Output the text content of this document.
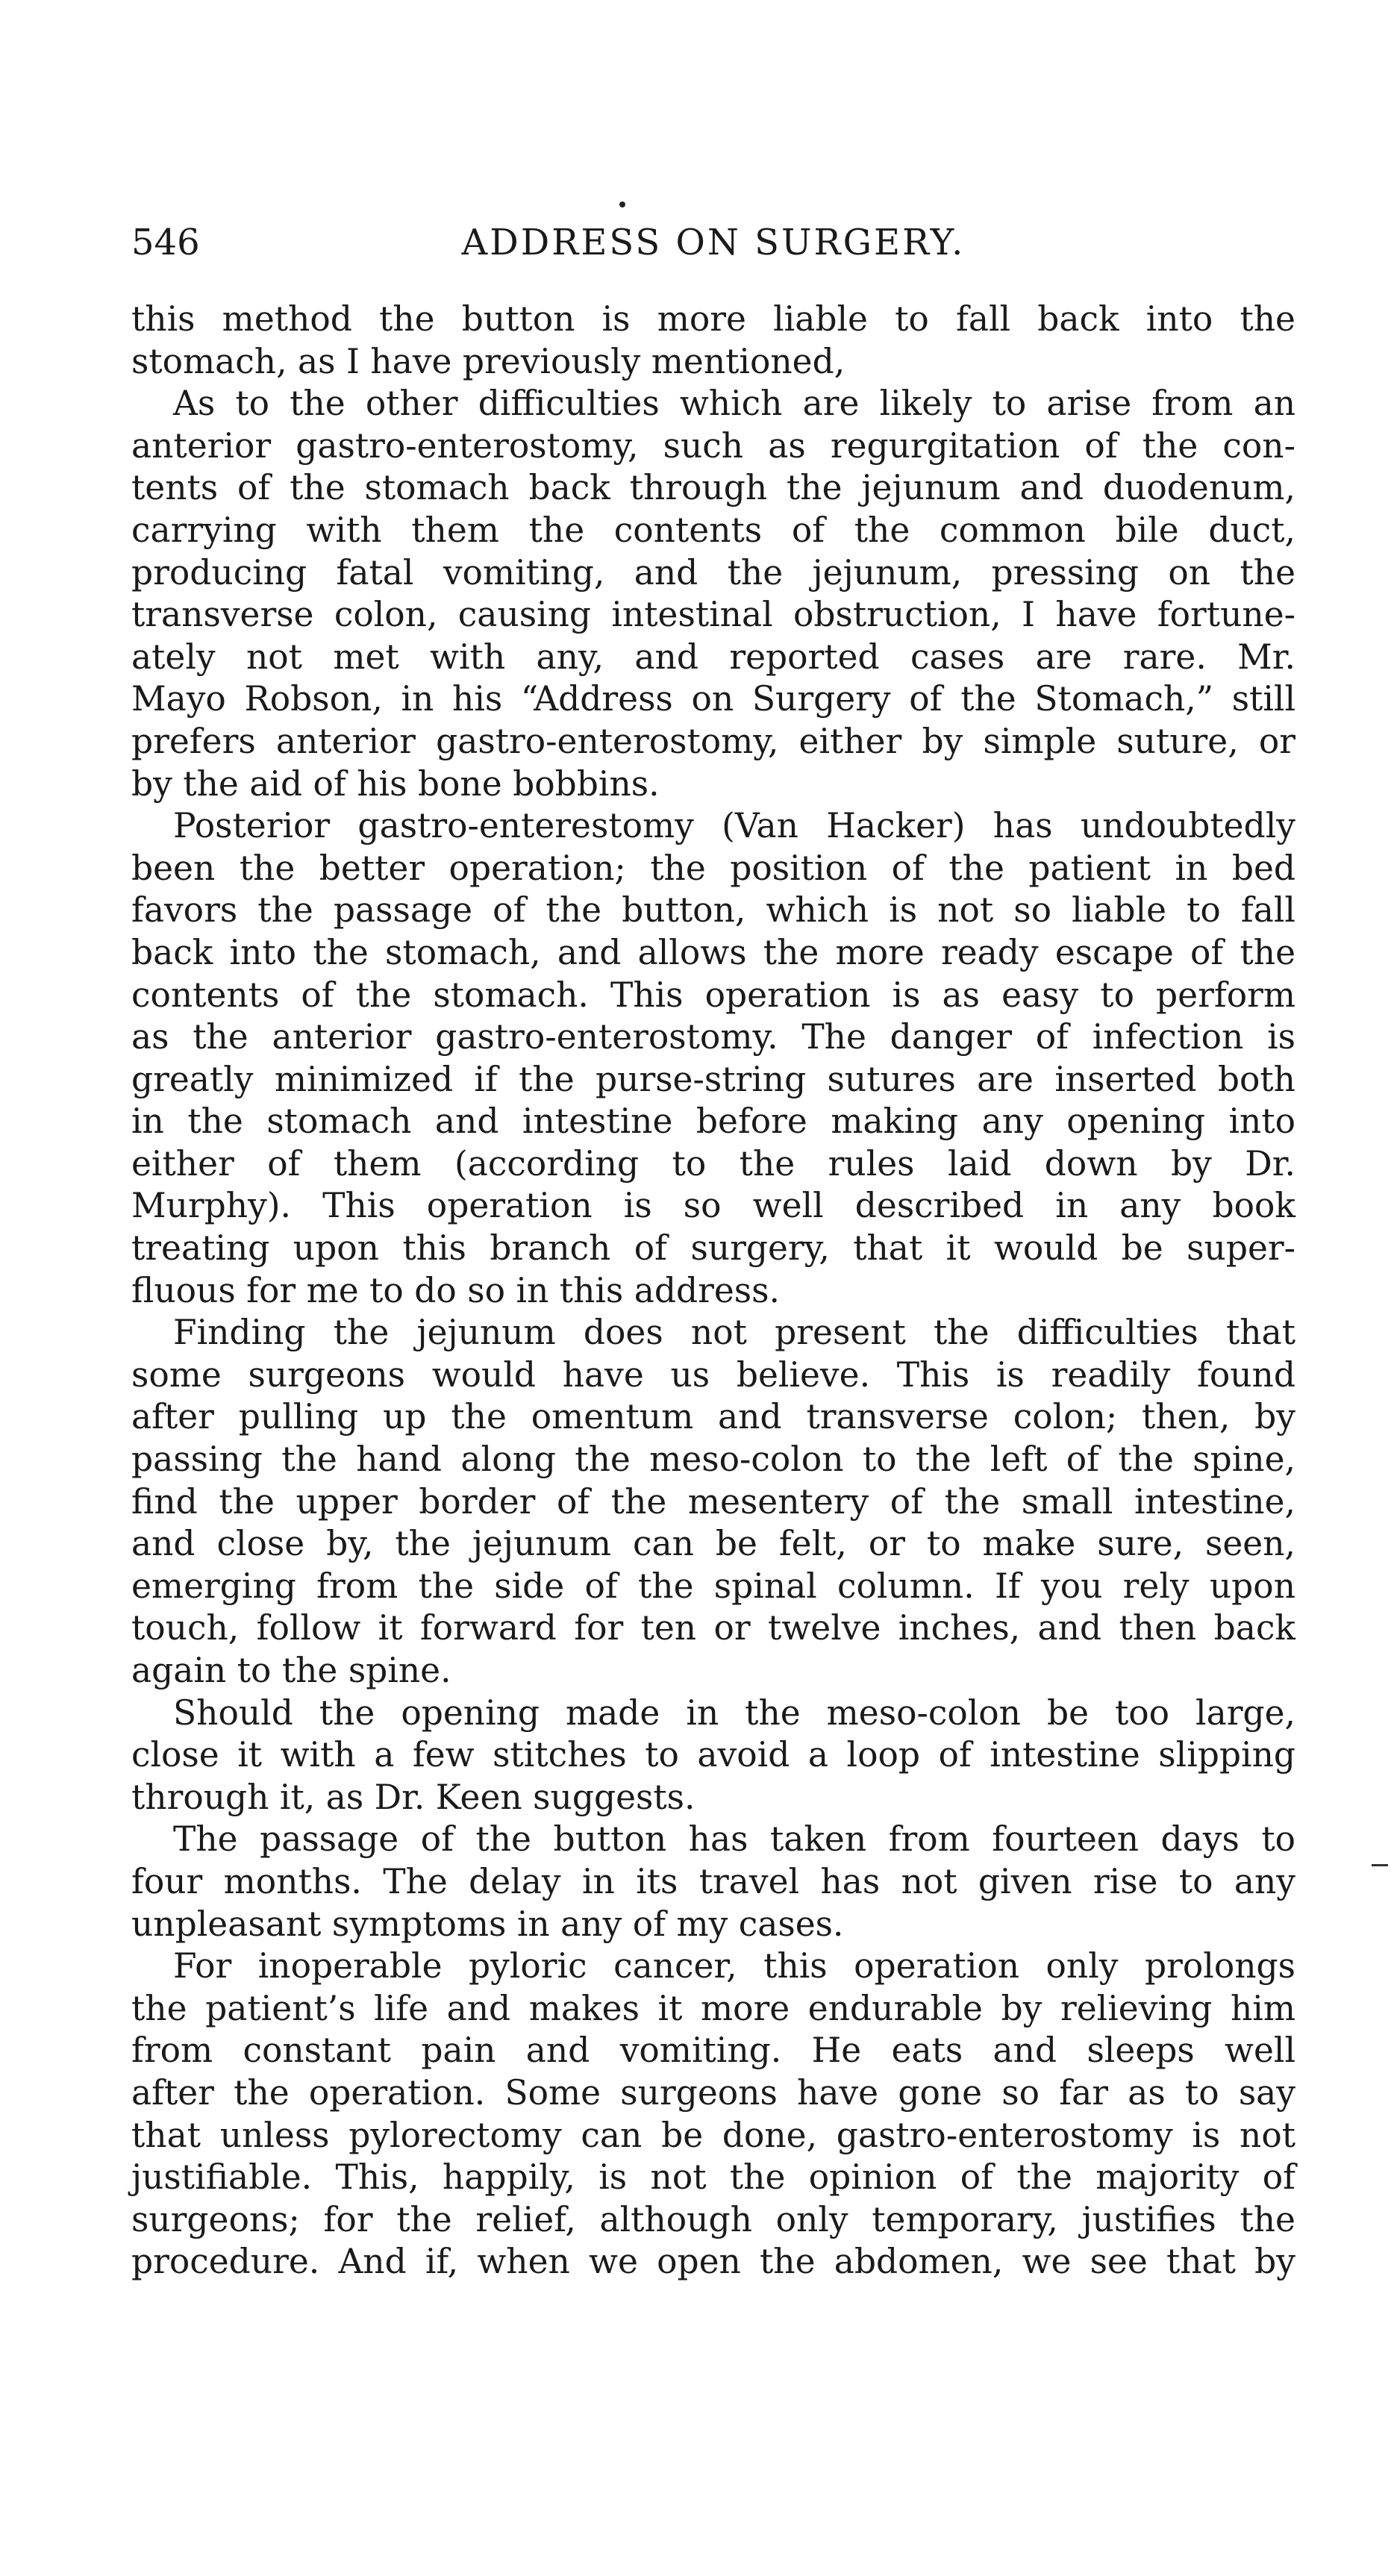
546	ADDRESS ON SURGERY.
this method the button is more liable to fall back into the
stomach, as I have previously mentioned,
As to the other difficulties which are likely to arise from an
anterior gastro-enterostomy, such as regurgitation of the con-
tents of the stomach back through the jejunum and duodenum,
carrying with them the contents of the common bile duct,
producing fatal vomiting, and the jejunum, pressing on the
transverse colon, causing intestinal obstruction, I have fortune-
ately not met with any, and reported cases are rare. Mr.
Mayo Robson, in his “Address on Surgery of the Stomach,” still
prefers anterior gastro-enterostomy, either by simple suture, or
by the aid of his bone bobbins.
Posterior gastro-enterestomy (Van Hacker) has undoubtedly
been the better operation; the position of the patient in bed
favors the passage of the button, which is not so liable to fall
back into the stomach, and allows the more ready escape of the
contents of the stomach. This operation is as easy to perform
as the anterior gastro-enterostomy. The danger of infection is
greatly minimized if the purse-string sutures are inserted both
in the stomach and intestine before making any opening into
either of them (according to the rules laid down by Dr.
Murphy). This operation is so well described in any book
treating upon this branch of surgery, that it would be super-
fluous for me to do so in this address.
Finding the jejunum does not present the difficulties that
some surgeons would have us believe. This is readily found
after pulling up the omentum and transverse colon; then, by
passing the hand along the meso-colon to the left of the spine,
find the upper border of the mesentery of the small intestine,
and close by, the jejunum can be felt, or to make sure, seen,
emerging from the side of the spinal column. If you rely upon
touch, follow it forward for ten or twelve inches, and then back
again to the spine.
Should the opening made in the meso-colon be too large,
close it with a few stitches to avoid a loop of intestine slipping
through it, as Dr. Keen suggests.
The passage of the button has taken from fourteen days to
four months. The delay in its travel has not given rise to any
unpleasant symptoms in any of my cases.
For inoperable pyloric cancer, this operation only prolongs
the patient’s life and makes it more endurable by relieving him
from constant pain and vomiting. He eats and sleeps well
after the operation. Some surgeons have gone so far as to say
that unless pylorectomy can be done, gastro-enterostomy is not
justifiable. This, happily, is not the opinion of the majority of
surgeons; for the relief, although only temporary, justifies the
procedure. And if, when we open the abdomen, we see that by
